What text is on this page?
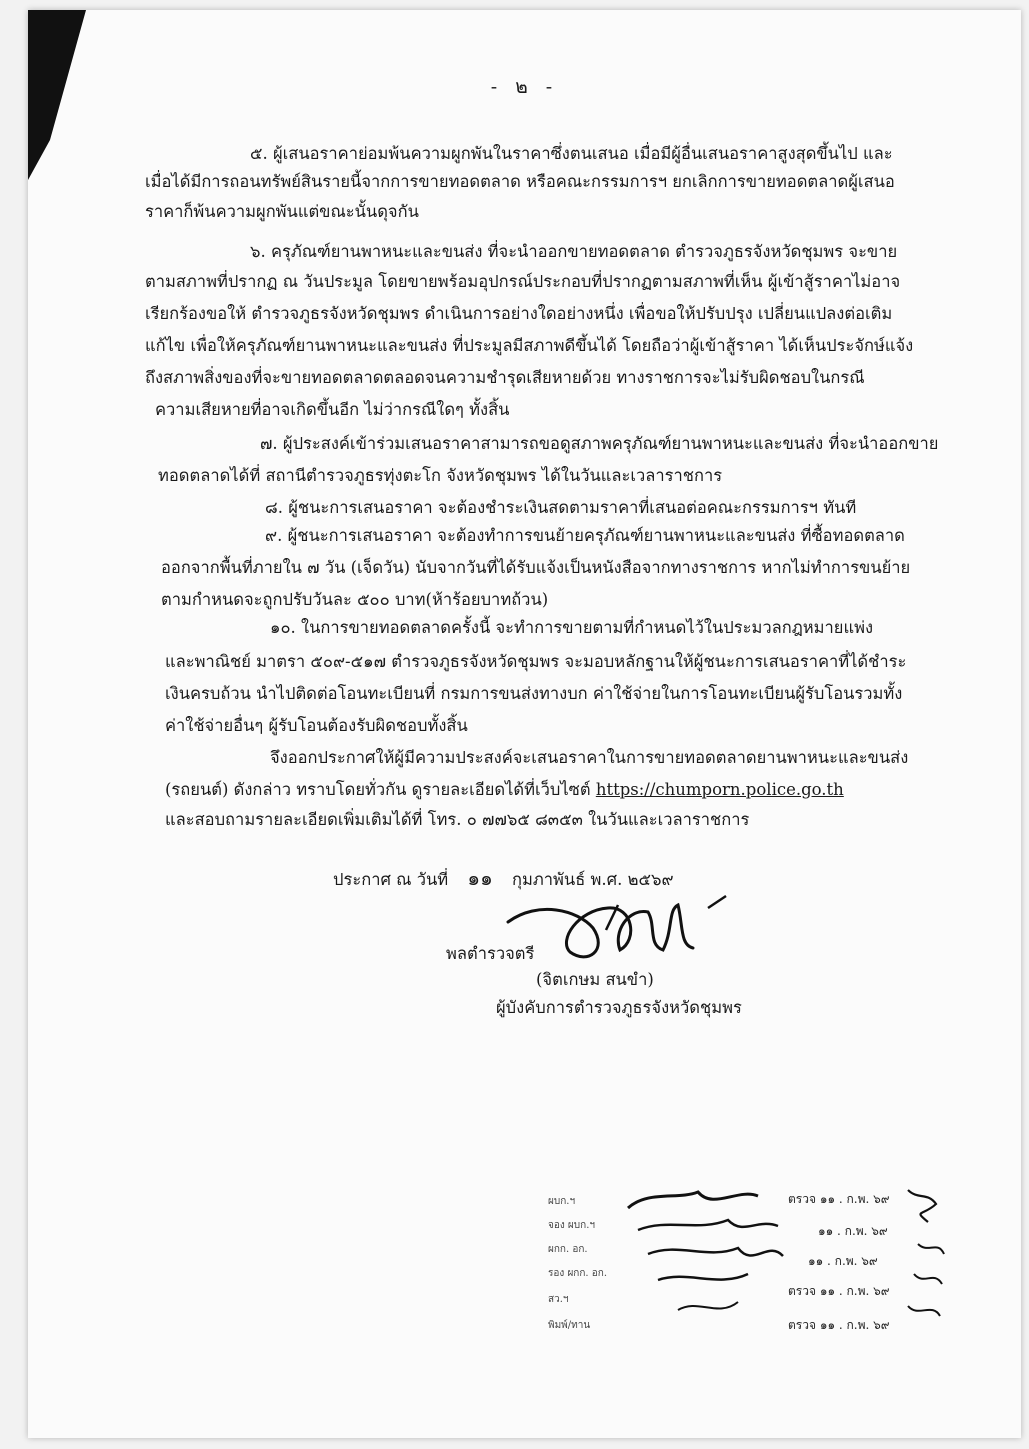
- ๒ -
๕. ผู้เสนอราคาย่อมพ้นความผูกพันในราคาซึ่งตนเสนอ เมื่อมีผู้อื่นเสนอราคาสูงสุดขึ้นไป และ
เมื่อได้มีการถอนทรัพย์สินรายนี้จากการขายทอดตลาด หรือคณะกรรมการฯ ยกเลิกการขายทอดตลาดผู้เสนอ
ราคาก็พ้นความผูกพันแต่ขณะนั้นดุจกัน
๖. ครุภัณฑ์ยานพาหนะและขนส่ง ที่จะนำออกขายทอดตลาด ตำรวจภูธรจังหวัดชุมพร จะขาย
ตามสภาพที่ปรากฏ ณ วันประมูล โดยขายพร้อมอุปกรณ์ประกอบที่ปรากฏตามสภาพที่เห็น ผู้เข้าสู้ราคาไม่อาจ
เรียกร้องขอให้ ตำรวจภูธรจังหวัดชุมพร ดำเนินการอย่างใดอย่างหนึ่ง เพื่อขอให้ปรับปรุง เปลี่ยนแปลงต่อเติม
แก้ไข เพื่อให้ครุภัณฑ์ยานพาหนะและขนส่ง ที่ประมูลมีสภาพดีขึ้นได้ โดยถือว่าผู้เข้าสู้ราคา ได้เห็นประจักษ์แจ้ง
ถึงสภาพสิ่งของที่จะขายทอดตลาดตลอดจนความชำรุดเสียหายด้วย ทางราชการจะไม่รับผิดชอบในกรณี
ความเสียหายที่อาจเกิดขึ้นอีก ไม่ว่ากรณีใดๆ ทั้งสิ้น
๗. ผู้ประสงค์เข้าร่วมเสนอราคาสามารถขอดูสภาพครุภัณฑ์ยานพาหนะและขนส่ง ที่จะนำออกขาย
ทอดตลาดได้ที่ สถานีตำรวจภูธรทุ่งตะโก จังหวัดชุมพร ได้ในวันและเวลาราชการ
๘. ผู้ชนะการเสนอราคา จะต้องชำระเงินสดตามราคาที่เสนอต่อคณะกรรมการฯ ทันที
๙. ผู้ชนะการเสนอราคา จะต้องทำการขนย้ายครุภัณฑ์ยานพาหนะและขนส่ง ที่ซื้อทอดตลาด
ออกจากพื้นที่ภายใน ๗ วัน (เจ็ดวัน) นับจากวันที่ได้รับแจ้งเป็นหนังสือจากทางราชการ หากไม่ทำการขนย้าย
ตามกำหนดจะถูกปรับวันละ ๕๐๐ บาท(ห้าร้อยบาทถ้วน)
๑๐. ในการขายทอดตลาดครั้งนี้ จะทำการขายตามที่กำหนดไว้ในประมวลกฎหมายแพ่ง
และพาณิชย์ มาตรา ๕๐๙-๕๑๗ ตำรวจภูธรจังหวัดชุมพร จะมอบหลักฐานให้ผู้ชนะการเสนอราคาที่ได้ชำระ
เงินครบถ้วน นำไปติดต่อโอนทะเบียนที่ กรมการขนส่งทางบก ค่าใช้จ่ายในการโอนทะเบียนผู้รับโอนรวมทั้ง
ค่าใช้จ่ายอื่นๆ ผู้รับโอนต้องรับผิดชอบทั้งสิ้น
จึงออกประกาศให้ผู้มีความประสงค์จะเสนอราคาในการขายทอดตลาดยานพาหนะและขนส่ง
(รถยนต์) ดังกล่าว ทราบโดยทั่วกัน ดูรายละเอียดได้ที่เว็บไซต์ https://chumporn.police.go.th
และสอบถามรายละเอียดเพิ่มเติมได้ที่ โทร. ๐ ๗๗๖๕ ๘๓๕๓ ในวันและเวลาราชการ
ประกาศ ณ วันที่ ๑๑ กุมภาพันธ์ พ.ศ. ๒๕๖๙
พลตำรวจตรี
(จิตเกษม สนขำ)
ผู้บังคับการตำรวจภูธรจังหวัดชุมพร
ผบก.ฯ
จอง ผบก.ฯ
ผกก. อก.
รอง ผกก. อก.
สว.ฯ
พิมพ์/ทาน
ตรวจ ๑๑ . ก.พ. ๖๙
๑๑ . ก.พ. ๖๙
๑๑ . ก.พ. ๖๙
ตรวจ ๑๑ . ก.พ. ๖๙
ตรวจ ๑๑ . ก.พ. ๖๙
